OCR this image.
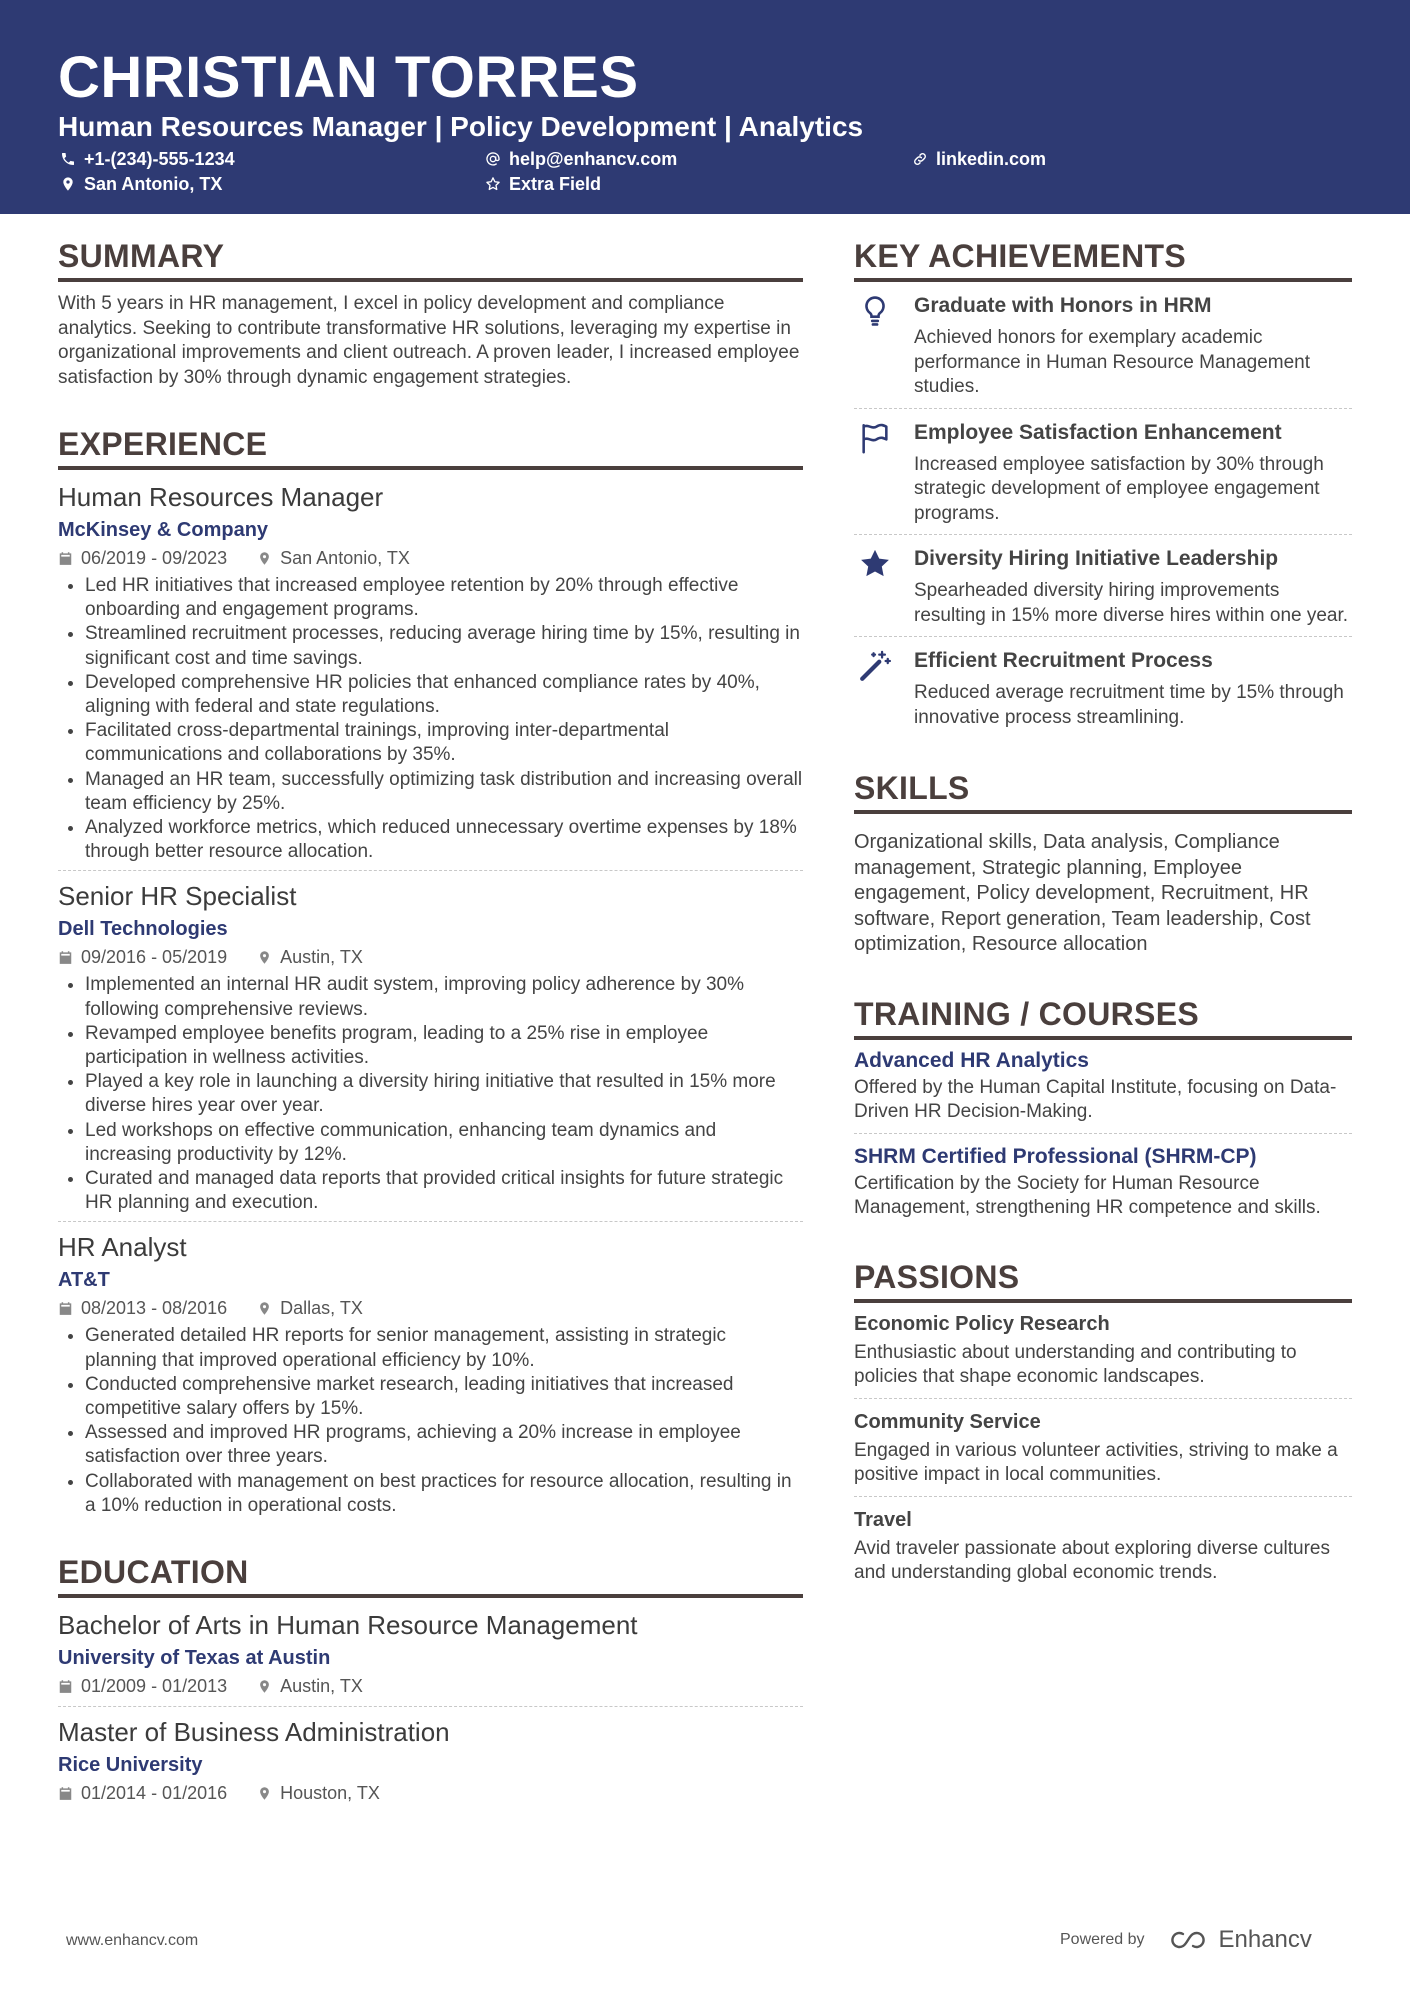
CHRISTIAN TORRES
Human Resources Manager | Policy Development | Analytics
+1-(234)-555-1234	help@enhancv.com	linkedin.com
San Antonio, TX	Extra Field
SUMMARY

With 5 years in HR management, I excel in policy development and compliance analytics. Seeking to contribute transformative HR solutions, leveraging my expertise in organizational improvements and client outreach. A proven leader, I increased employee satisfaction by 30% through dynamic engagement strategies.

EXPERIENCE
Human Resources Manager
McKinsey & Company
06/2019 - 09/2023	San Antonio, TX
• Led HR initiatives that increased employee retention by 20% through effective onboarding and engagement programs.
• Streamlined recruitment processes, reducing average hiring time by 15%, resulting in significant cost and time savings.
• Developed comprehensive HR policies that enhanced compliance rates by 40%, aligning with federal and state regulations.
• Facilitated cross-departmental trainings, improving inter-departmental communications and collaborations by 35%.
• Managed an HR team, successfully optimizing task distribution and increasing overall team efficiency by 25%.
• Analyzed workforce metrics, which reduced unnecessary overtime expenses by 18% through better resource allocation.
Senior HR Specialist
Dell Technologies
09/2016 - 05/2019	Austin, TX
• Implemented an internal HR audit system, improving policy adherence by 30% following comprehensive reviews.
• Revamped employee benefits program, leading to a 25% rise in employee participation in wellness activities.
• Played a key role in launching a diversity hiring initiative that resulted in 15% more diverse hires year over year.
• Led workshops on effective communication, enhancing team dynamics and increasing productivity by 12%.
• Curated and managed data reports that provided critical insights for future strategic HR planning and execution.
HR Analyst
AT&T
08/2013 - 08/2016	Dallas, TX
• Generated detailed HR reports for senior management, assisting in strategic planning that improved operational efficiency by 10%.
• Conducted comprehensive market research, leading initiatives that increased competitive salary offers by 15%.
• Assessed and improved HR programs, achieving a 20% increase in employee satisfaction over three years.
• Collaborated with management on best practices for resource allocation, resulting in a 10% reduction in operational costs.
EDUCATION
Bachelor of Arts in Human Resource Management
University of Texas at Austin
01/2009 - 01/2013	Austin, TX
Master of Business Administration
Rice University
01/2014 - 01/2016	Houston, TX
KEY ACHIEVEMENTS
Graduate with Honors in HRM
Achieved honors for exemplary academic performance in Human Resource Management studies.
Employee Satisfaction Enhancement
Increased employee satisfaction by 30% through strategic development of employee engagement programs.
Diversity Hiring Initiative Leadership
Spearheaded diversity hiring improvements resulting in 15% more diverse hires within one year.
Efficient Recruitment Process
Reduced average recruitment time by 15% through innovative process streamlining.
SKILLS
Organizational skills, Data analysis, Compliance management, Strategic planning, Employee engagement, Policy development, Recruitment, HR software, Report generation, Team leadership, Cost optimization, Resource allocation
TRAINING / COURSES
Advanced HR Analytics
Offered by the Human Capital Institute, focusing on Data-Driven HR Decision-Making.
SHRM Certified Professional (SHRM-CP)
Certification by the Society for Human Resource Management, strengthening HR competence and skills.
PASSIONS
Economic Policy Research
Enthusiastic about understanding and contributing to policies that shape economic landscapes.
Community Service
Engaged in various volunteer activities, striving to make a positive impact in local communities.
Travel
Avid traveler passionate about exploring diverse cultures and understanding global economic trends.
www.enhancv.com	Powered by	Enhancv
